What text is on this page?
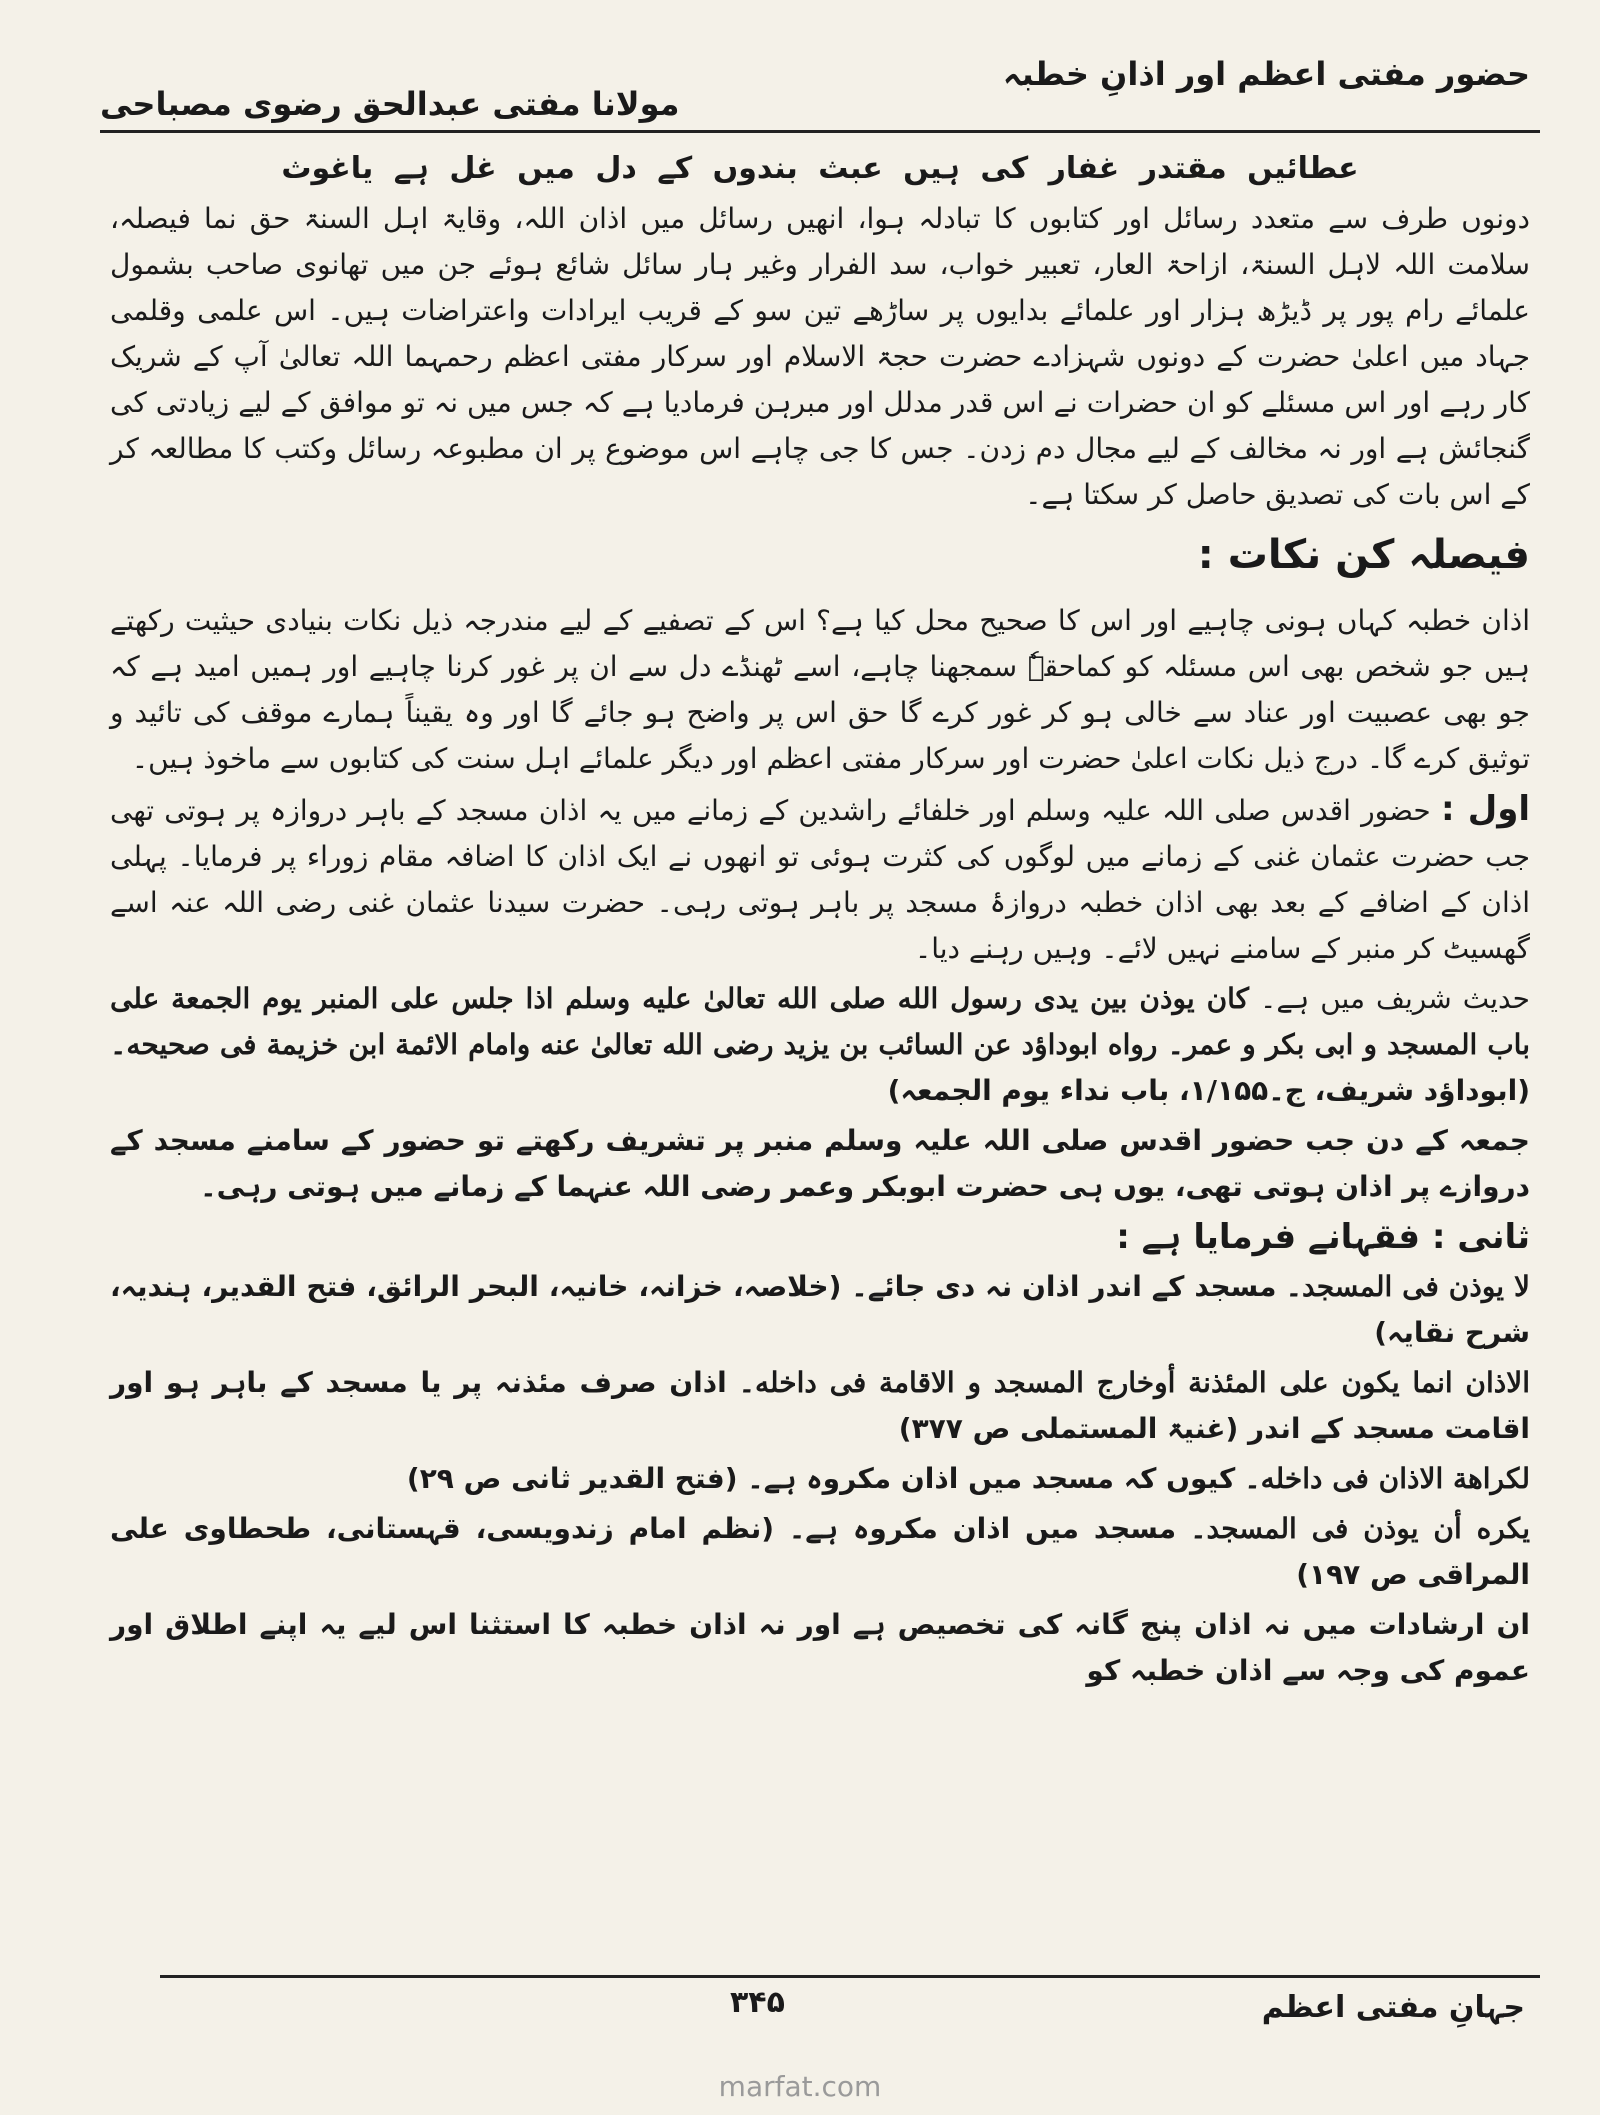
حضور مفتی اعظم اور اذانِ خطبہ
مولانا مفتی عبدالحق رضوی مصباحی
عطائیں مقتدر غفار کی ہیں عبث بندوں کے دل میں غل ہے یاغوث

دونوں طرف سے متعدد رسائل اور کتابوں کا تبادلہ ہوا، انھیں رسائل میں اذان اللہ، وقایۃ اہل السنۃ حق نما فیصلہ، سلامت اللہ لاہل السنۃ، ازاحۃ العار، تعبیر خواب، سد الفرار وغیر ہار سائل شائع ہوئے جن میں تھانوی صاحب بشمول علمائے رام پور پر ڈیڑھ ہزار اور علمائے بدایوں پر ساڑھے تین سو کے قریب ایرادات واعتراضات ہیں۔ اس علمی وقلمی جہاد میں اعلیٰ حضرت کے دونوں شہزادے حضرت حجۃ الاسلام اور سرکار مفتی اعظم رحمہما اللہ تعالیٰ آپ کے شریک کار رہے اور اس مسئلے کو ان حضرات نے اس قدر مدلل اور مبرہن فرمادیا ہے کہ جس میں نہ تو موافق کے لیے زیادتی کی گنجائش ہے اور نہ مخالف کے لیے مجال دم زدن۔ جس کا جی چاہے اس موضوع پر ان مطبوعہ رسائل وکتب کا مطالعہ کر کے اس بات کی تصدیق حاصل کر سکتا ہے۔

فیصلہ کن نکات :

اذان خطبہ کہاں ہونی چاہیے اور اس کا صحیح محل کیا ہے؟ اس کے تصفیے کے لیے مندرجہ ذیل نکات بنیادی حیثیت رکھتے ہیں جو شخص بھی اس مسئلہ کو کماحقہٗ سمجھنا چاہے، اسے ٹھنڈے دل سے ان پر غور کرنا چاہیے اور ہمیں امید ہے کہ جو بھی عصبیت اور عناد سے خالی ہو کر غور کرے گا حق اس پر واضح ہو جائے گا اور وہ یقیناً ہمارے موقف کی تائید و توثیق کرے گا۔ درج ذیل نکات اعلیٰ حضرت اور سرکار مفتی اعظم اور دیگر علمائے اہل سنت کی کتابوں سے ماخوذ ہیں۔

اول : حضور اقدس صلی اللہ علیہ وسلم اور خلفائے راشدین کے زمانے میں یہ اذان مسجد کے باہر دروازہ پر ہوتی تھی جب حضرت عثمان غنی کے زمانے میں لوگوں کی کثرت ہوئی تو انھوں نے ایک اذان کا اضافہ مقام زوراء پر فرمایا۔ پہلی اذان کے اضافے کے بعد بھی اذان خطبہ دروازۂ مسجد پر باہر ہوتی رہی۔ حضرت سیدنا عثمان غنی رضی اللہ عنہ اسے گھسیٹ کر منبر کے سامنے نہیں لائے۔ وہیں رہنے دیا۔

حدیث شریف میں ہے۔ كان يوذن بين يدى رسول الله صلى الله تعالىٰ عليه وسلم اذا جلس على المنبر يوم الجمعة على باب المسجد و ابى بكر و عمر۔ رواه ابوداؤد عن السائب بن يزيد رضى الله تعالىٰ عنه وامام الائمة ابن خزيمة فى صحيحه۔ (ابوداؤد شریف، ج۔۱/۱۵۵، باب نداء یوم الجمعہ)

جمعہ کے دن جب حضور اقدس صلی اللہ علیہ وسلم منبر پر تشریف رکھتے تو حضور کے سامنے مسجد کے دروازے پر اذان ہوتی تھی، یوں ہی حضرت ابوبکر وعمر رضی اللہ عنہما کے زمانے میں ہوتی رہی۔

ثانی : فقہانے فرمایا ہے :

لا يوذن فى المسجد۔ مسجد کے اندر اذان نہ دی جائے۔ (خلاصہ، خزانہ، خانیہ، البحر الرائق، فتح القدیر، ہندیہ، شرح نقایہ)

الاذان انما يكون على المئذنة أوخارج المسجد و الاقامة فى داخله۔ اذان صرف مئذنہ پر یا مسجد کے باہر ہو اور اقامت مسجد کے اندر (غنیۃ المستملی ص ۳۷۷)

لكراهة الاذان فى داخله۔ کیوں کہ مسجد میں اذان مکروہ ہے۔ (فتح القدیر ثانی ص ۲۹)

يكره أن يوذن فى المسجد۔ مسجد میں اذان مکروہ ہے۔ (نظم امام زندویسی، قہستانی، طحطاوی علی المراقی ص ۱۹۷)

ان ارشادات میں نہ اذان پنج گانہ کی تخصیص ہے اور نہ اذان خطبہ کا استثنا اس لیے یہ اپنے اطلاق اور عموم کی وجہ سے اذان خطبہ کو

جہانِ مفتی اعظم
۳۴۵
marfat.com
